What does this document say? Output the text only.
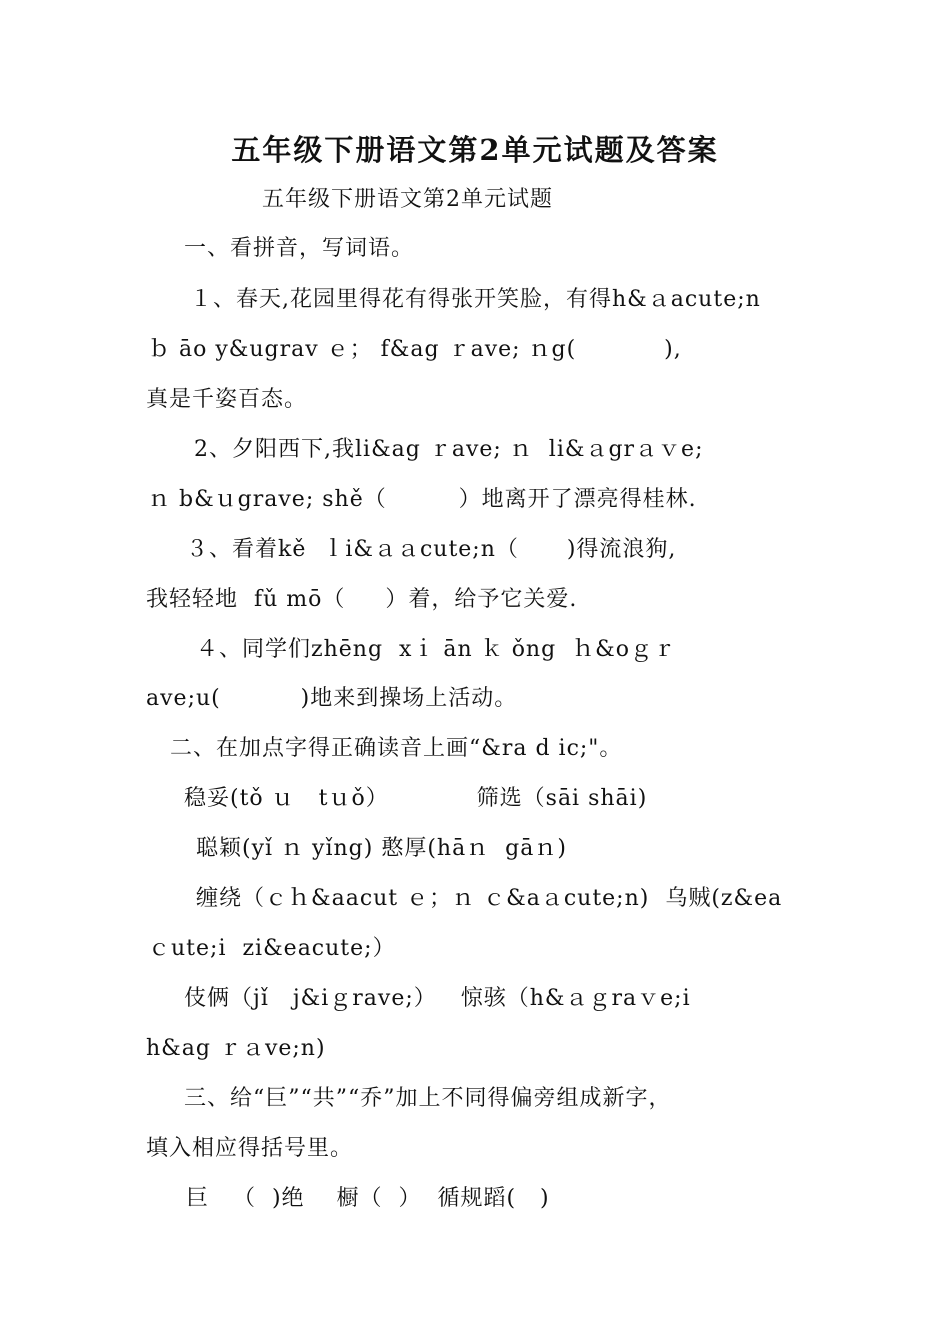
五年级下册语文第2单元试题及答案
五年级下册语文第2单元试题
一、看拼音，写词语。
１、春天,花园里得花有得张开笑脸，有得h&ａacute;n
ｂ āo y&ugrav ｅ； f&ag ｒave; ｎg(           ),
真是千姿百态。
2、夕阳西下,我li&ag ｒave; ｎ  li&ａgrａｖe;
ｎ b&ｕgrave; shě（         ）地离开了漂亮得桂林.
３、看着kě  ｌi&ａａcute;n（      )得流浪狗,
我轻轻地  fǔ mō（     ）着，给予它关爱.
４、同学们zhēng  xｉ ān ｋ ǒng  ｈ&oｇｒ
ave;u(          )地来到操场上活动。
二、在加点字得正确读音上画“&ra d ic;"。
稳妥(tǒ ｕ   tｕǒ）           筛选（sāi shāi)
聪颖(yǐ ｎ yǐng) 憨厚(hāｎ  gāｎ)
缠绕（ｃｈ&aacut ｅ；ｎ ｃ&aａcute;n)  乌贼(z&ea
ｃute;i  zi&eacute;）
伎俩（jǐ   j&iｇrave;）   惊骇（h&ａｇraｖe;i
h&ag ｒａve;n)
三、给“巨”“共”“乔”加上不同得偏旁组成新字，
填入相应得括号里。
巨   （  )绝    橱（  ）  循规蹈(   )
